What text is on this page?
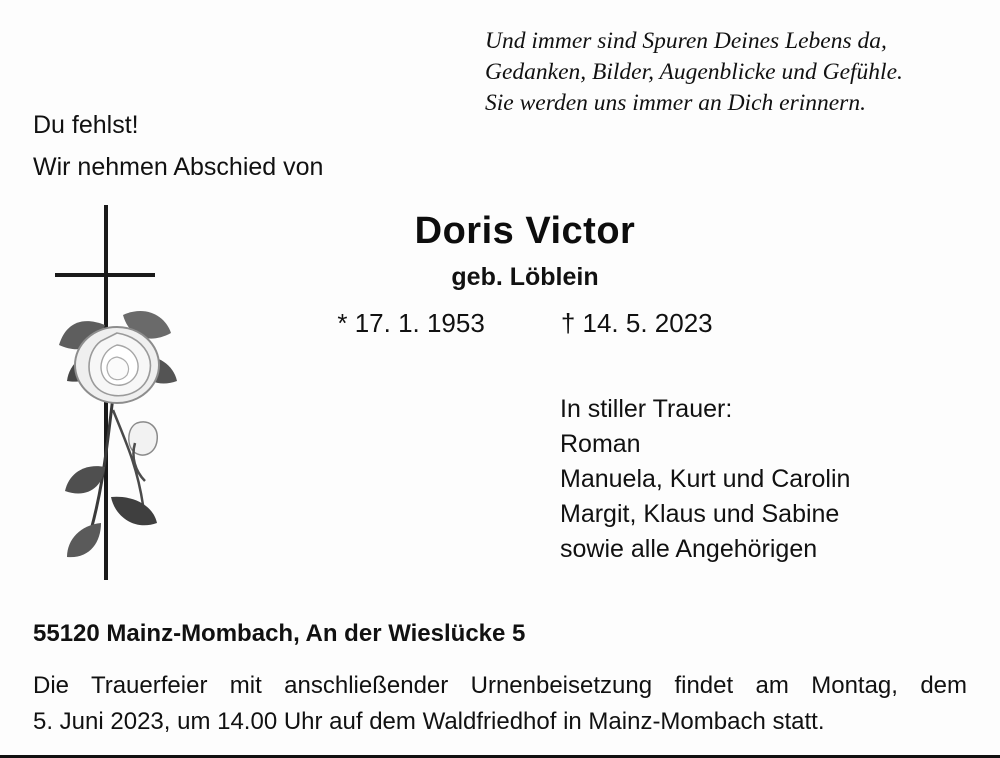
Und immer sind Spuren Deines Lebens da,
Gedanken, Bilder, Augenblicke und Gefühle.
Sie werden uns immer an Dich erinnern.
Du fehlst!
Wir nehmen Abschied von
Doris Victor
geb. Löblein
* 17. 1. 1953	† 14. 5. 2023
In stiller Trauer:
Roman
Manuela, Kurt und Carolin
Margit, Klaus und Sabine
sowie alle Angehörigen
55120 Mainz-Mombach, An der Wieslücke 5
Die Trauerfeier mit anschließender Urnenbeisetzung findet am Montag, dem
5. Juni 2023, um 14.00 Uhr auf dem Waldfriedhof in Mainz-Mombach statt.
